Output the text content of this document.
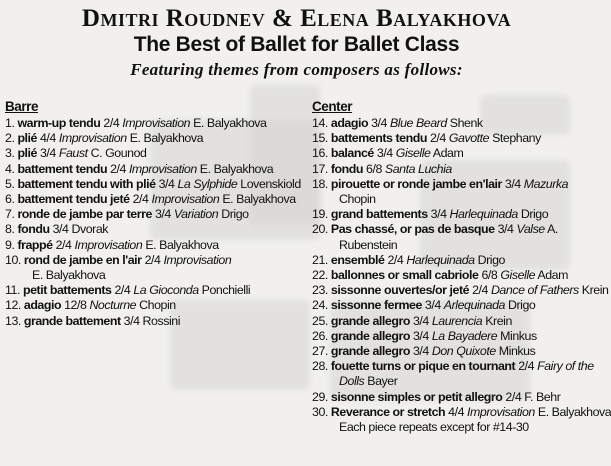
Dmitri Roudnev & Elena Balyakhova
The Best of Ballet for Ballet Class
Featuring themes from composers as follows:
Barre
1. warm-up tendu 2/4 Improvisation E. Balyakhova
2. plié 4/4 Improvisation E. Balyakhova
3. plié 3/4 Faust C. Gounod
4. battement tendu 2/4 Improvisation E. Balyakhova
5. battement tendu with plié 3/4 La Sylphide Lovenskiold
6. battement tendu jeté 2/4 Improvisation E. Balyakhova
7. ronde de jambe par terre 3/4 Variation Drigo
8. fondu 3/4 Dvorak
9. frappé 2/4 Improvisation E. Balyakhova
10. rond de jambe en l'air 2/4 Improvisation
E. Balyakhova
11. petit battements 2/4 La Gioconda Ponchielli
12. adagio 12/8 Nocturne Chopin
13. grande battement 3/4 Rossini
Center
14. adagio 3/4 Blue Beard Shenk
15. battements tendu 2/4 Gavotte Stephany
16. balancé 3/4 Giselle Adam
17. fondu 6/8 Santa Luchia
18. pirouette or ronde jambe en'lair 3/4 Mazurka
Chopin
19. grand battements 3/4 Harlequinada Drigo
20. Pas chassé, or pas de basque 3/4 Valse A.
Rubenstein
21. ensemblé 2/4 Harlequinada Drigo
22. ballonnes or small cabriole 6/8 Giselle Adam
23. sissonne ouvertes/or jeté 2/4 Dance of Fathers Krein
24. sissonne fermee 3/4 Arlequinada Drigo
25. grande allegro 3/4 Laurencia Krein
26. grande allegro 3/4 La Bayadere Minkus
27. grande allegro 3/4 Don Quixote Minkus
28. fouette turns or pique en tournant 2/4 Fairy of the
Dolls Bayer
29. sisonne simples or petit allegro 2/4 F. Behr
30. Reverance or stretch 4/4 Improvisation E. Balyakhova
Each piece repeats except for #14-30
